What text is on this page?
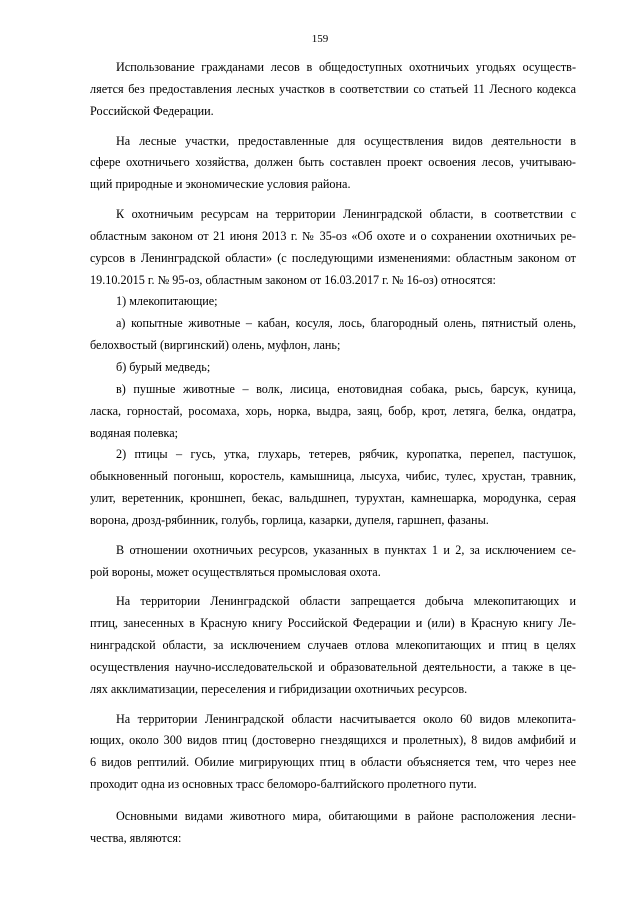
159

Использование гражданами лесов в общедоступных охотничьих угодьях осуществ-
ляется без предоставления лесных участков в соответствии со статьей 11 Лесного кодекса
Российской Федерации.

На лесные участки, предоставленные для осуществления видов деятельности в
сфере охотничьего хозяйства, должен быть составлен проект освоения лесов, учитываю-
щий природные и экономические условия района.

К охотничьим ресурсам на территории Ленинградской области, в соответствии с
областным законом от 21 июня 2013 г. № 35-оз «Об охоте и о сохранении охотничьих ре-
сурсов в Ленинградской области» (с последующими изменениями: областным законом от
19.10.2015 г. № 95-оз, областным законом от 16.03.2017 г. № 16-оз) относятся:

1) млекопитающие;

а) копытные животные – кабан, косуля, лось, благородный олень, пятнистый олень,
белохвостый (виргинский) олень, муфлон, лань;

б) бурый медведь;

в) пушные животные – волк, лисица, енотовидная собака, рысь, барсук, куница,
ласка, горностай, росомаха, хорь, норка, выдра, заяц, бобр, крот, летяга, белка, ондатра,
водяная полевка;

2) птицы – гусь, утка, глухарь, тетерев, рябчик, куропатка, перепел, пастушок,
обыкновенный погоныш, коростель, камышница, лысуха, чибис, тулес, хрустан, травник,
улит, веретенник, кроншнеп, бекас, вальдшнеп, турухтан, камнешарка, мородунка, серая
ворона, дрозд-рябинник, голубь, горлица, казарки, дупеля, гаршнеп, фазаны.

В отношении охотничьих ресурсов, указанных в пунктах 1 и 2, за исключением се-
рой вороны, может осуществляться промысловая охота.

На территории Ленинградской области запрещается добыча млекопитающих и
птиц, занесенных в Красную книгу Российской Федерации и (или) в Красную книгу Ле-
нинградской области, за исключением случаев отлова млекопитающих и птиц в целях
осуществления научно-исследовательской и образовательной деятельности, а также в це-
лях акклиматизации, переселения и гибридизации охотничьих ресурсов.

На территории Ленинградской области насчитывается около 60 видов млекопита-
ющих, около 300 видов птиц (достоверно гнездящихся и пролетных), 8 видов амфибий и
6 видов рептилий. Обилие мигрирующих птиц в области объясняется тем, что через нее
проходит одна из основных трасс беломоро-балтийского пролетного пути.

Основными видами животного мира, обитающими в районе расположения лесни-
чества, являются:
